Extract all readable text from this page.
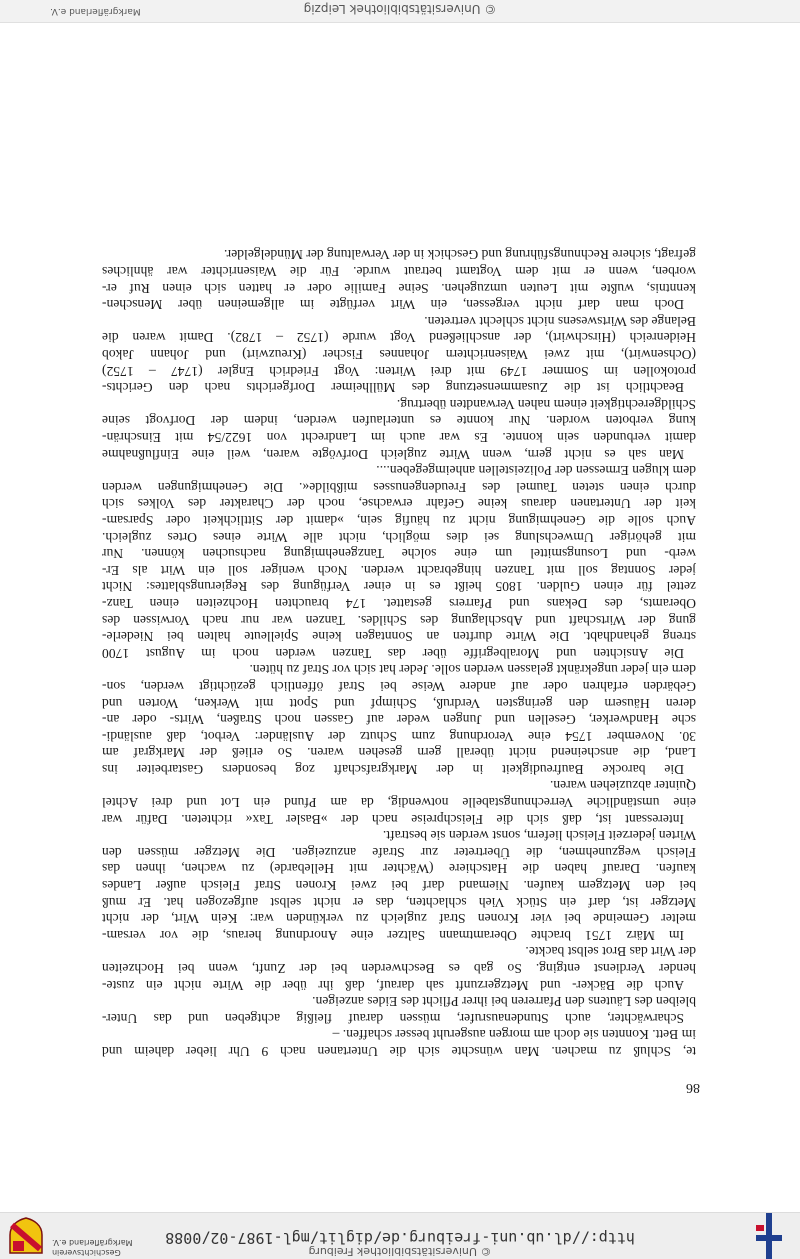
© Universitätsbibliothek Freiburg
http://dl.ub.uni-freiburg.de/diglit/mgl-1987-02/0088
Geschichtsverein
Markgräflerland e.V.
86
te, Schluß zu machen. Man wünschte sich die Untertanen nach 9 Uhr lieber daheim und
im Bett. Konnten sie doch am morgen ausgeruht besser schaffen. –
Scharwächter, auch Stundenausrufer, müssen darauf fleißig achtgeben und das Unter-
bleiben des Läutens den Pfarreren bei ihrer Pflicht des Eides anzeigen.
Auch die Bäcker- und Metzgerzunft sah darauf, daß ihr über die Wirte nicht ein zuste-
hender Verdienst entging. So gab es Beschwerden bei der Zunft, wenn bei Hochzeiten
der Wirt das Brot selbst backte.
Im März 1751 brachte Oberamtmann Saltzer eine Anordnung heraus, die vor versam-
melter Gemeinde bei vier Kronen Straf zugleich zu verkünden war: Kein Wirt, der nicht
Metzger ist, darf ein Stück Vieh schlachten, das er nicht selbst aufgezogen hat. Er muß
bei den Metzgern kaufen. Niemand darf bei zwei Kronen Straf Fleisch außer Landes
kaufen. Darauf haben die Hatschiere (Wächter mit Hellebarde) zu wachen, ihnen das
Fleisch wegzunehmen, die Übertreter zur Strafe anzuzeigen. Die Metzger müssen den
Wirten jederzeit Fleisch liefern, sonst werden sie bestraft.
Interessant ist, daß sich die Fleischpreise nach der »Basler Tax« richteten. Dafür war
eine umständliche Verrechnungstabelle notwendig, da am Pfund ein Lot und drei Achtel
Quinter abzuziehen waren.
Die barocke Baufreudigkeit in der Markgrafschaft zog besonders Gastarbeiter ins
Land, die anscheinend nicht überall gern gesehen waren. So erließ der Markgraf am
30. November 1754 eine Verordnung zum Schutz der Ausländer: Verbot, daß ausländi-
sche Handwerker, Gesellen und Jungen weder auf Gassen noch Straßen, Wirts- oder an-
deren Häusern den geringsten Verdruß, Schimpf und Spott mit Werken, Worten und
Gebärden erfahren oder auf andere Weise bei Straf öffentlich gezüchtigt werden, son-
dern ein jeder ungekränkt gelassen werden solle. Jeder hat sich vor Straf zu hüten.
Die Ansichten und Moralbegriffe über das Tanzen werden noch im August 1700
streng gehandhabt. Die Wirte durften an Sonntagen keine Spielleute halten bei Niederle-
gung der Wirtschaft und Abschlagung des Schildes. Tanzen war nur nach Vorwissen des
Oberamts, des Dekans und Pfarrers gestattet. 174 brauchten Hochzeiten einen Tanz-
zettel für einen Gulden. 1805 heißt es in einer Verfügung des Regierungsblattes: Nicht
jeder Sonntag soll mit Tanzen hingebracht werden. Noch weniger soll ein Wirt als Er-
werb- und Losungsmittel um eine solche Tanzgenehmigung nachsuchen können. Nur
mit gehöriger Umwechslung sei dies möglich, nicht alle Wirte eines Ortes zugleich.
Auch solle die Genehmigung nicht zu häufig sein, »damit der Sittlichkeit oder Sparsam-
keit der Untertanen daraus keine Gefahr erwachse, noch der Charakter des Volkes sich
durch einen steten Taumel des Freudengenusses mißbilde«. Die Genehmigungen werden
dem klugen Ermessen der Polizeistellen anheimgegeben....
Man sah es nicht gern, wenn Wirte zugleich Dorfvögte waren, weil eine Einflußnahme
damit verbunden sein konnte. Es war auch im Landrecht von 1622/54 mit Einschrän-
kung verboten worden. Nur konnte es unterlaufen werden, indem der Dorfvogt seine
Schildgerechtigkeit einem nahen Verwandten übertrug.
Beachtlich ist die Zusammensetzung des Müllheimer Dorfgerichts nach den Gerichts-
protokollen im Sommer 1749 mit drei Wirten: Vogt Friedrich Engler (1747 – 1752)
(Ochsenwirt), mit zwei Waisenrichtern Johannes Fischer (Kreuzwirt) und Johann Jakob
Heidenreich (Hirschwirt), der anschließend Vogt wurde (1752 – 1782). Damit waren die
Belange des Wirtswesens nicht schlecht vertreten.
Doch man darf nicht vergessen, ein Wirt verfügte im allgemeinen über Menschen-
kenntnis, wußte mit Leuten umzugehen. Seine Familie oder er hatten sich einen Ruf er-
worben, wenn er mit dem Vogtamt betraut wurde. Für die Waisenrichter war ähnliches
gefragt, sichere Rechnungsführung und Geschick in der Verwaltung der Mündelgelder.
© Universitätsbibliothek Leipzig
Markgräflerland e.V.
